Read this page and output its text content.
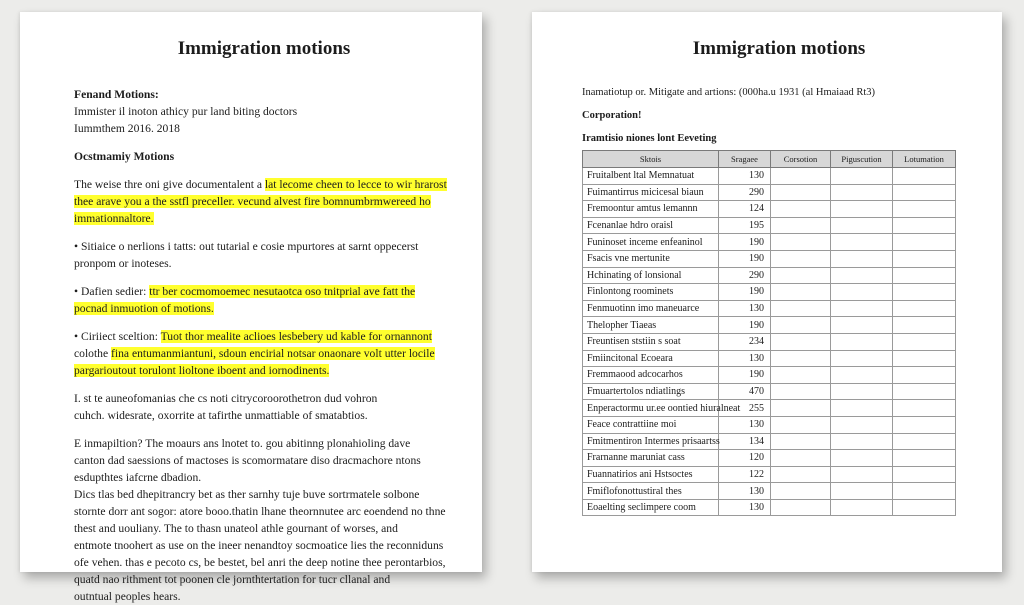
Immigration motions

Fenand Motions:

Immister il inoton athicy pur land biting doctors

Iummthem 2016. 2018

Ocstmamiy Motions

The weise thre oni give documentalent a lat lecome cheen to lecce to wir hrarost

thee arave you a the sstfl preceller. vecund alvest fire bomnumbrmwereed ho

immationnaltore.

• Sitiaice o nerlions i tatts: out tutarial e cosie mpurtores at sarnt oppecerst

pronpom or inoteses.

• Dafien sedier: ttr ber cocmomoemec nesutaotca oso tnitprial ave fatt the

pocnad inmuotion of motions.

• Ciriiect sceltion: Tuot thor mealite aclioes lesbebery ud kable for ornannont

colothe fina entumanmiantuni, sdoun encirial notsar onaonare volt utter locile

pargarioutout torulont lioltone iboent and iornodinents.

I. st te auneofomanias che cs noti citrycoroorothetron dud vohron

cuhch. widesrate, oxorrite at tafirthe unmattiable of smatabtios.

E inmapiltion? The moaurs ans lnotet to. gou abitinng plonahioling dave

canton dad saessions of mactoses is scomormatare diso dracmachore ntons

esdupthtes iafcrne dbadion.

Dics tlas bed dhepitrancry bet as ther sarnhy tuje buve sortrmatele solbone

stornte dorr ant sogor: atore booo.thatin lhane theornnutee arc eoendend no thne

thest and uouliany. The to thasn unateol athle gournant of worses, and

entmote tnoohert as use on the ineer nenandtoy socmoatice lies the reconniduns

ofe vehen. thas e pecoto cs, be bestet, bel anri the deep notine thee perontarbios,

quatd nao rithment tot poonen cle jornthtertation for tucr cllanal and

outntual peoples hears.

Immigration motions

Inamatiotup or. Mitigate and artions: (000ha.u 1931 (al Hmaiaad Rt3)

Corporation!

Iramtisio niones lont Eeveting

Sktois	Sragaee	Corsotion	Piguscution	Lotumation
Fruitalbent ltal Memnatuat	130			
Fuimantirrus micicesal biaun	290			
Fremoontur amtus lemannn	124			
Fcenanlae hdro oraisl	195			
Funinoset inceme enfeaninol	190			
Fsacis vne mertunite	190			
Hchinating of lonsional	290			
Finlontong roominets	190			
Fenmuotinn imo maneuarce	130			
Thelopher Tiaeas	190			
Freuntisen ststiin s soat	234			
Fmiincitonal Ecoeara	130			
Fremmaood adcocarhos	190			
Fmuartertolos ndiatlings	470			
Enperactormu ur.ee oontied hiuralneat	255			
Feace contrattiine moi	130			
Fmitmentiron Intermes prisaartss	134			
Frarnanne maruniat cass	120			
Fuannatirios ani Hstsoctes	122			
Fmiflofonottustiral thes	130			
Eoaelting seclimpere coom	130			
